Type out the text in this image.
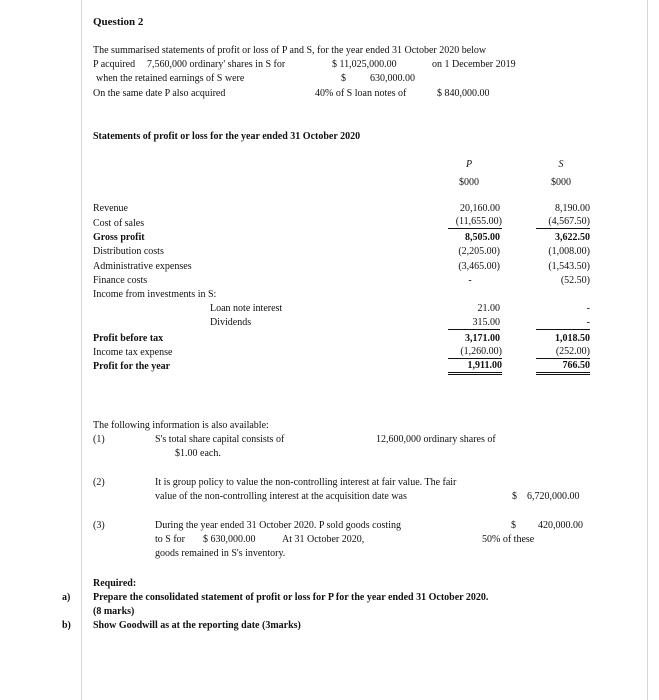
Question 2
The summarised statements of profit or loss of P and S, for the year ended 31 October 2020 below
P acquired 7,560,000 ordinary' shares in S for	$ 11,025,000.00	on 1 December 2019
when the retained earnings of S were	$ 630,000.00
On the same date P also acquired	40% of S loan notes of	$ 840,000.00
Statements of profit or loss for the year ended 31 October 2020
P
$000
S
$000
Revenue	20,160.00	8,190.00
Cost of sales	(11,655.00)	(4,567.50)
Gross profit	8,505.00	3,622.50
Distribution costs	(2,205.00)	(1,008.00)
Administrative expenses	(3,465.00)	(1,543.50)
Finance costs	-	(52.50)
Income from investments in S:
Loan note interest	21.00	-
Dividends	315.00	-
Profit before tax	3,171.00	1,018.50
Income tax expense	(1,260.00)	(252.00)
Profit for the year	1,911.00	766.50
The following information is also available:
(1)	S's total share capital consists of
$1.00 each.
12,600,000 ordinary shares of
(2)	It is group policy to value the non-controlling interest at fair value. The fair
value of the non-controlling interest at the acquisition date was	$ 6,720,000.00
(3)	During the year ended 31 October 2020. P sold goods costing
to S for $ 630,000.00	At 31 October 2020,
goods remained in S's inventory.
$ 420,000.00
50% of these
Required:
a) Prepare the consolidated statement of profit or loss for P for the year ended 31 October 2020.
(8 marks)
b) Show Goodwill as at the reporting date (3marks)
